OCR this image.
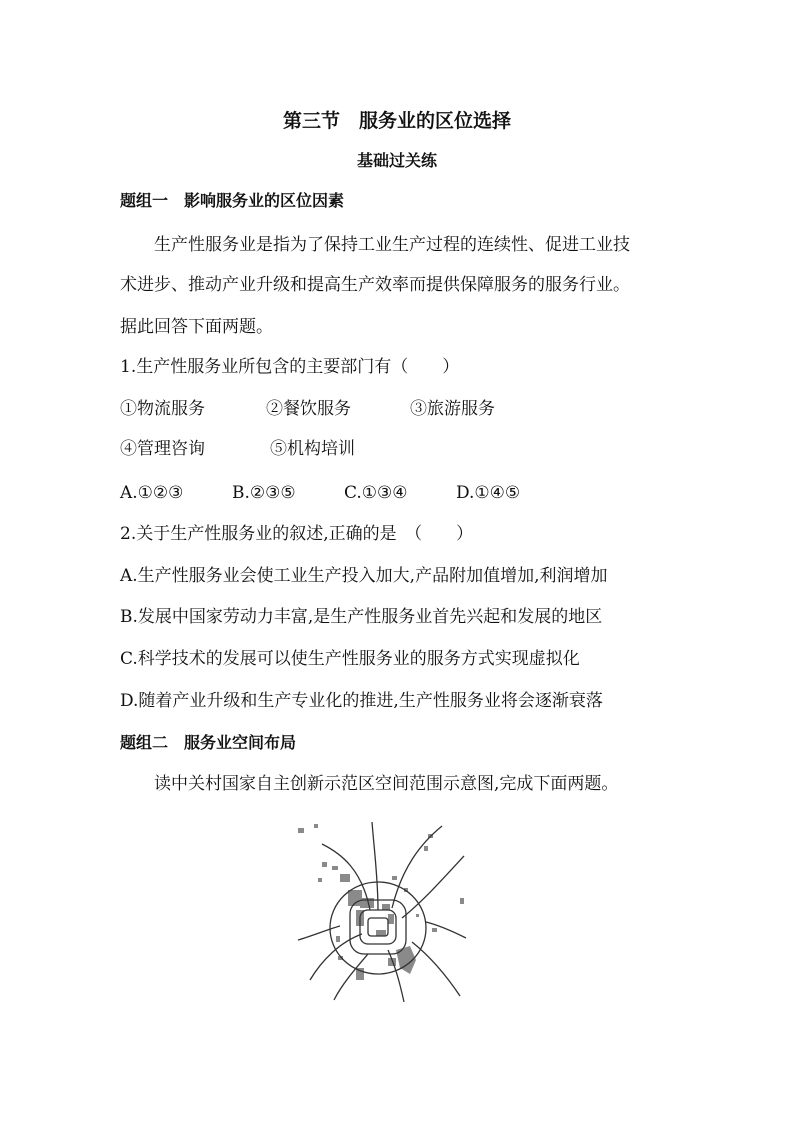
第三节　服务业的区位选择
基础过关练
题组一　影响服务业的区位因素
生产性服务业是指为了保持工业生产过程的连续性、促进工业技
术进步、推动产业升级和提高生产效率而提供保障服务的服务行业。
据此回答下面两题。
1.生产性服务业所包含的主要部门有（　　）
①物流服务	②餐饮服务	③旅游服务
④管理咨询	⑤机构培训
A.①②③	B.②③⑤	C.①③④	D.①④⑤
2.关于生产性服务业的叙述,正确的是　（　　）
A.生产性服务业会使工业生产投入加大,产品附加值增加,利润增加
B.发展中国家劳动力丰富,是生产性服务业首先兴起和发展的地区
C.科学技术的发展可以使生产性服务业的服务方式实现虚拟化
D.随着产业升级和生产专业化的推进,生产性服务业将会逐渐衰落
题组二　服务业空间布局
读中关村国家自主创新示范区空间范围示意图,完成下面两题。
